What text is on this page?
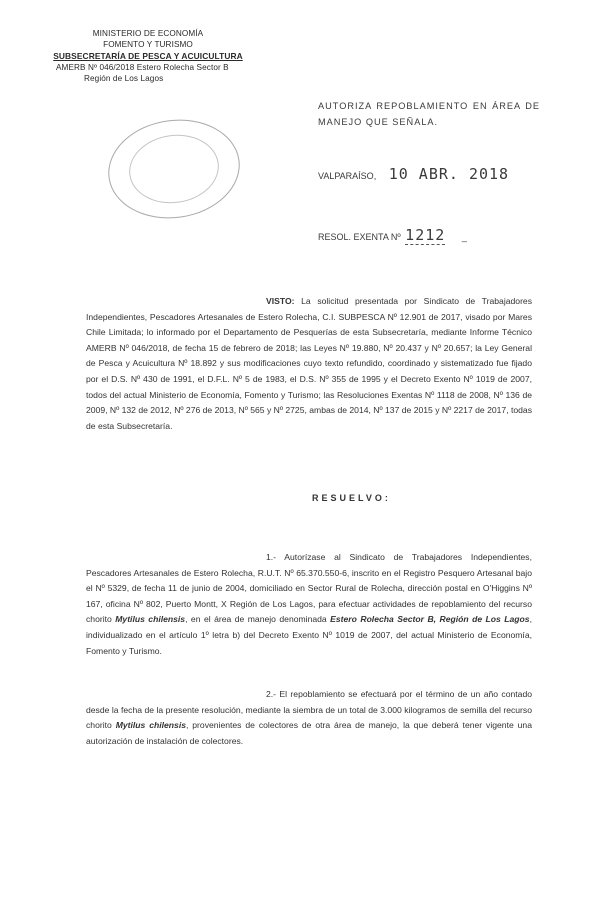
MINISTERIO DE ECONOMÍA
FOMENTO Y TURISMO
SUBSECRETARÍA DE PESCA Y ACUICULTURA
AMERB Nº 046/2018 Estero Rolecha Sector B
Región de Los Lagos
AUTORIZA REPOBLAMIENTO EN ÁREA DE MANEJO QUE SEÑALA.
VALPARAÍSO, 10 ABR. 2018
RESOL. EXENTA Nº 1212 _
VISTO: La solicitud presentada por Sindicato de Trabajadores Independientes, Pescadores Artesanales de Estero Rolecha, C.I. SUBPESCA Nº 12.901 de 2017, visado por Mares Chile Limitada; lo informado por el Departamento de Pesquerías de esta Subsecretaría, mediante Informe Técnico AMERB Nº 046/2018, de fecha 15 de febrero de 2018; las Leyes Nº 19.880, Nº 20.437 y Nº 20.657; la Ley General de Pesca y Acuicultura Nº 18.892 y sus modificaciones cuyo texto refundido, coordinado y sistematizado fue fijado por el D.S. Nº 430 de 1991, el D.F.L. Nº 5 de 1983, el D.S. Nº 355 de 1995 y el Decreto Exento Nº 1019 de 2007, todos del actual Ministerio de Economía, Fomento y Turismo; las Resoluciones Exentas Nº 1118 de 2008, Nº 136 de 2009, Nº 132 de 2012, Nº 276 de 2013, Nº 565 y Nº 2725, ambas de 2014, Nº 137 de 2015 y Nº 2217 de 2017, todas de esta Subsecretaría.
RESUELVO:
1.- Autorízase al Sindicato de Trabajadores Independientes, Pescadores Artesanales de Estero Rolecha, R.U.T. Nº 65.370.550-6, inscrito en el Registro Pesquero Artesanal bajo el Nº 5329, de fecha 11 de junio de 2004, domiciliado en Sector Rural de Rolecha, dirección postal en O'Higgins Nº 167, oficina Nº 802, Puerto Montt, X Región de Los Lagos, para efectuar actividades de repoblamiento del recurso chorito Mytilus chilensis, en el área de manejo denominada Estero Rolecha Sector B, Región de Los Lagos, individualizado en el artículo 1º letra b) del Decreto Exento Nº 1019 de 2007, del actual Ministerio de Economía, Fomento y Turismo.
2.- El repoblamiento se efectuará por el término de un año contado desde la fecha de la presente resolución, mediante la siembra de un total de 3.000 kilogramos de semilla del recurso chorito Mytilus chilensis, provenientes de colectores de otra área de manejo, la que deberá tener vigente una autorización de instalación de colectores.
